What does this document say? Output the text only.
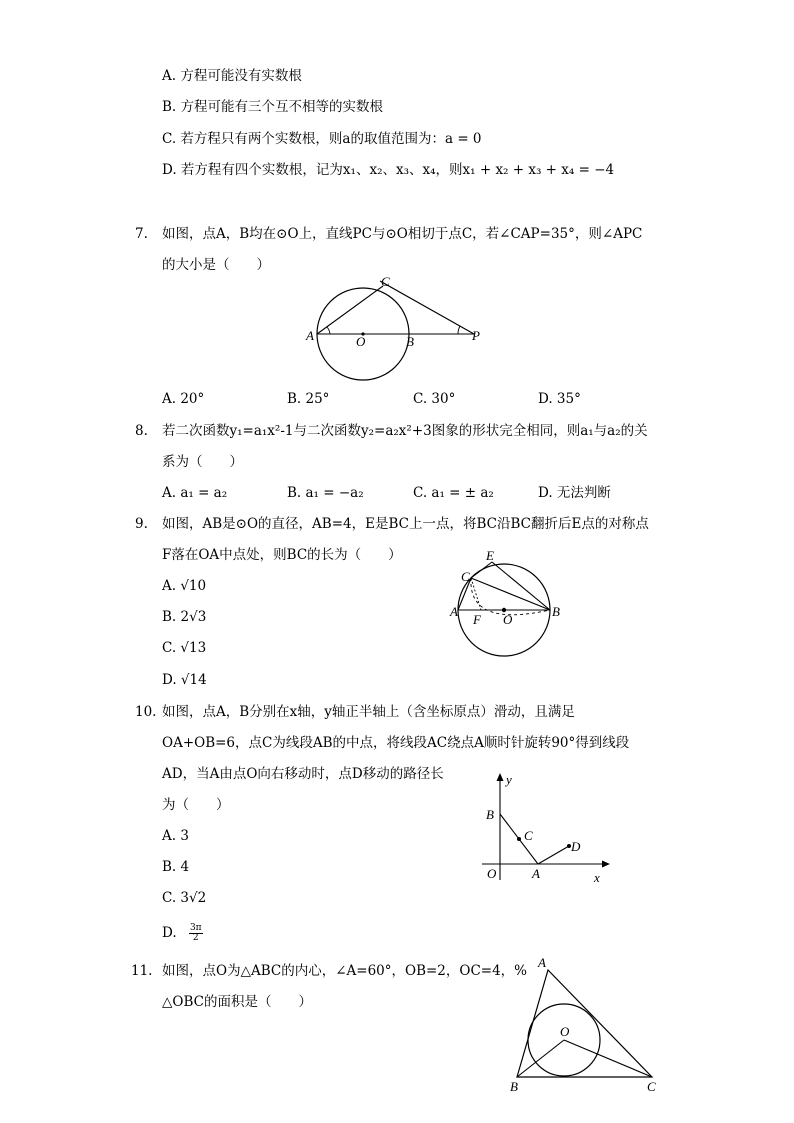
A. 方程可能没有实数根
B. 方程可能有三个互不相等的实数根
C. 若方程只有两个实数根，则a的取值范围为：a = 0
D. 若方程有四个实数根，记为x₁、x₂、x₃、x₄，则x₁ + x₂ + x₃ + x₄ = −4
7. 如图，点A，B均在⊙O上，直线PC与⊙O相切于点C，若∠CAP=35°，则∠APC
的大小是（　　）
A	O	B
C
P
A. 20°	B. 25°	C. 30°	D. 35°
8. 若二次函数y₁=a₁x²-1与二次函数y₂=a₂x²+3图象的形状完全相同，则a₁与a₂的关
系为（　　）
A. a₁ = a₂	B. a₁ = −a₂	C. a₁ = ± a₂	D. 无法判断
9. 如图，AB是⊙O的直径，AB=4，E是BC上一点，将BC沿BC翻折后E点的对称点
F落在OA中点处，则BC的长为（　　）
A. √10
B. 2√3
C. √13
D. √14
E
C
A
F O
B
10. 如图，点A，B分别在x轴，y轴正半轴上（含坐标原点）滑动，且满足
OA+OB=6，点C为线段AB的中点，将线段AC绕点A顺时针旋转90°得到线段
AD，当A由点O向右移动时，点D移动的路径长
为（　　）
A. 3
B. 4
C. 3√2
D. $\frac{3\pi}{2}$
y
B
C
D
O	A	x
11. 如图，点O为△ABC的内心，∠A=60°，OB=2，OC=4，%
△OBC的面积是（　　）
A
O
B	C
